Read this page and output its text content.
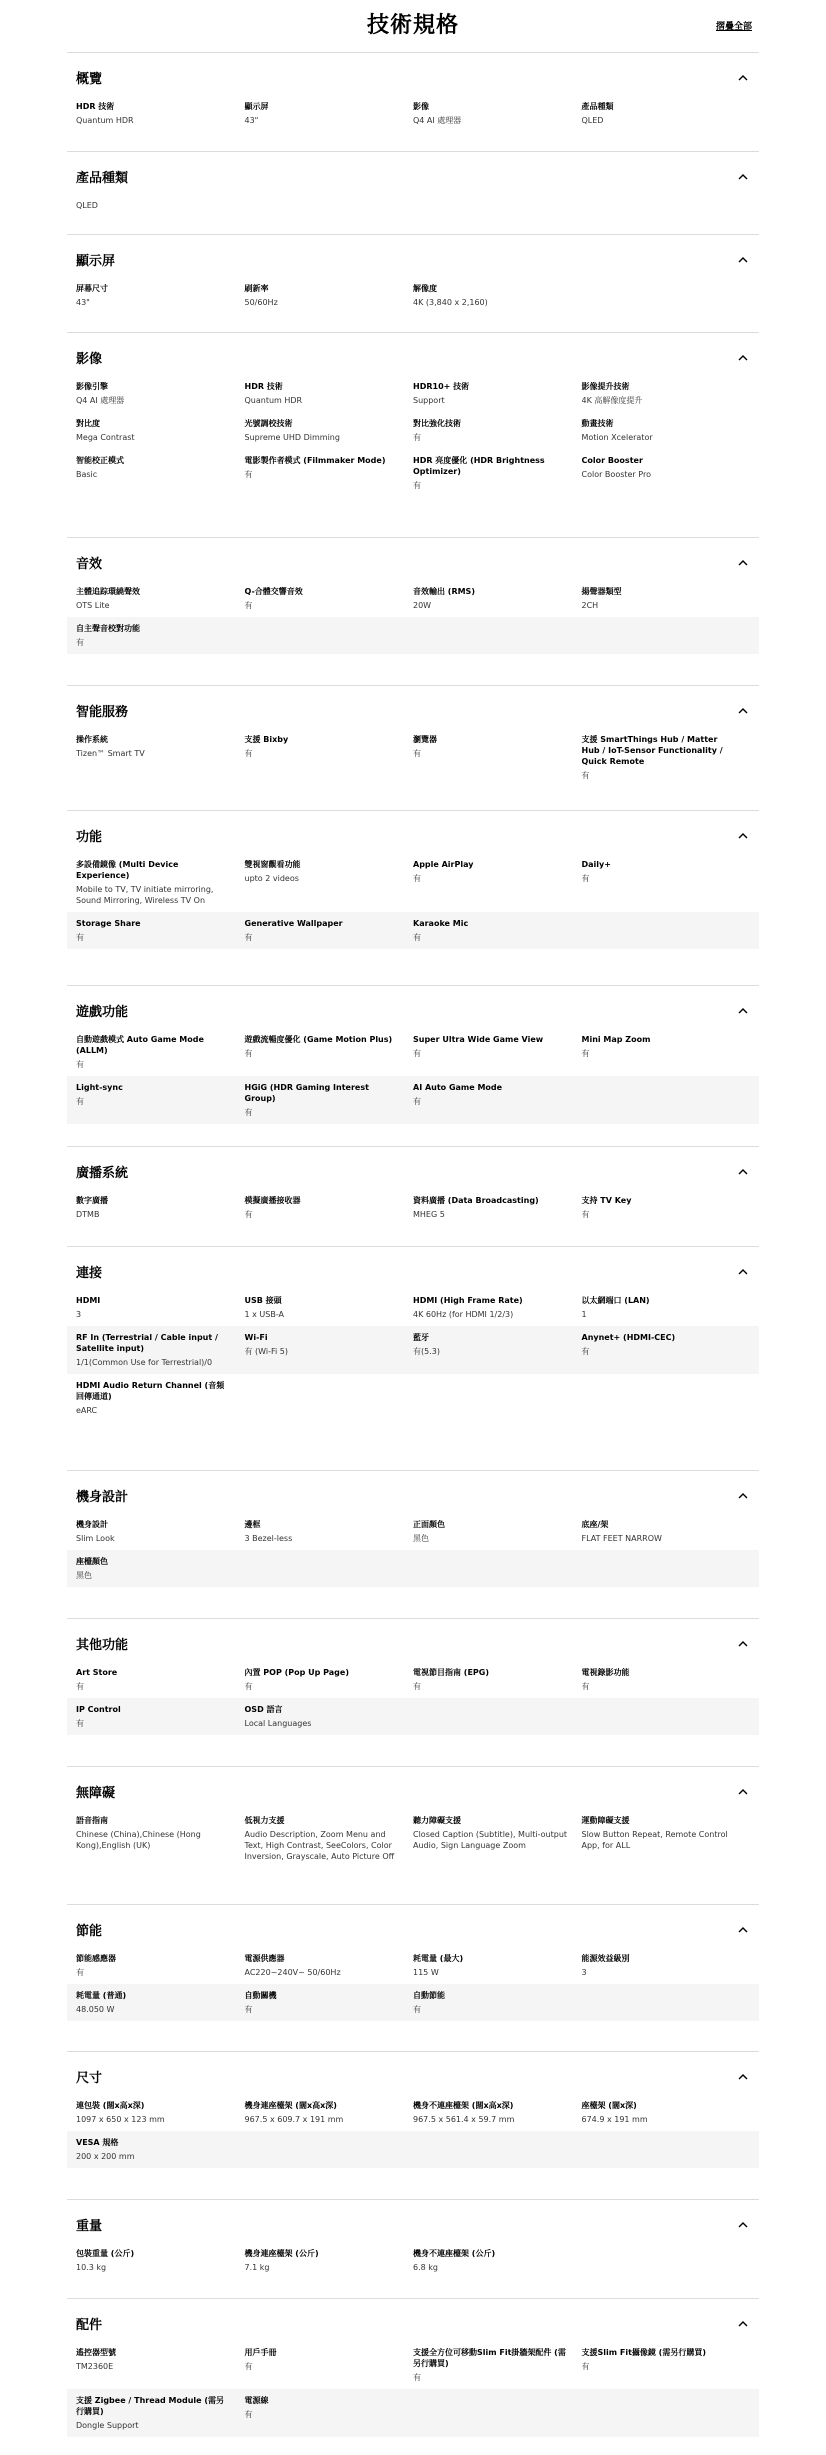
技術規格	摺疊全部
概覽
HDR 技術
Quantum HDR
顯示屏
43"
影像
Q4 AI 處理器
產品種類
QLED
產品種類
QLED
顯示屏
屏幕尺寸
43"
刷新率
50/60Hz
解像度
4K (3,840 x 2,160)
影像
影像引擎
Q4 AI 處理器
HDR 技術
Quantum HDR
HDR10+ 技術
Support
影像提升技術
4K 高解像度提升
對比度
Mega Contrast
光號調校技術
Supreme UHD Dimming
對比強化技術
有
動畫技術
Motion Xcelerator
智能校正模式
Basic
電影製作者模式 (Filmmaker Mode)
有
HDR 亮度優化 (HDR Brightness Optimizer)
有
Color Booster
Color Booster Pro
音效
主體追踪環繞聲效
OTS Lite
Q-合體交響音效
有
音效輸出 (RMS)
20W
揚聲器類型
2CH
自主聲音校對功能
有
智能服務
操作系統
Tizen™ Smart TV
支援 Bixby
有
瀏覽器
有
支援 SmartThings Hub / Matter Hub / IoT-Sensor Functionality / Quick Remote
有
功能
多設備鏡像 (Multi Device Experience)
Mobile to TV, TV initiate mirroring, Sound Mirroring, Wireless TV On
雙視窗觀看功能
upto 2 videos
Apple AirPlay
有
Daily+
有
Storage Share
有
Generative Wallpaper
有
Karaoke Mic
有
遊戲功能
自動遊戲模式 Auto Game Mode (ALLM)
有
遊戲流暢度優化 (Game Motion Plus)
有
Super Ultra Wide Game View
有
Mini Map Zoom
有
Light-sync
有
HGiG (HDR Gaming Interest Group)
有
AI Auto Game Mode
有
廣播系統
數字廣播
DTMB
模擬廣播接收器
有
資料廣播 (Data Broadcasting)
MHEG 5
支持 TV Key
有
連接
HDMI
3
USB 接頭
1 x USB-A
HDMI (High Frame Rate)
4K 60Hz (for HDMI 1/2/3)
以太網端口 (LAN)
1
RF In (Terrestrial / Cable input / Satellite input)
1/1(Common Use for Terrestrial)/0
Wi-Fi
有 (Wi-Fi 5)
藍牙
有(5.3)
Anynet+ (HDMI-CEC)
有
HDMI Audio Return Channel (音頻回傳通道)
eARC
機身設計
機身設計
Slim Look
邊框
3 Bezel-less
正面顏色
黑色
底座/架
FLAT FEET NARROW
座檯顏色
黑色
其他功能
Art Store
有
內置 POP (Pop Up Page)
有
電視節目指南 (EPG)
有
電視錄影功能
有
IP Control
有
OSD 語言
Local Languages
無障礙
語音指南
Chinese (China),Chinese (Hong Kong),English (UK)
低視力支援
Audio Description, Zoom Menu and Text, High Contrast, SeeColors, Color Inversion, Grayscale, Auto Picture Off
聽力障礙支援
Closed Caption (Subtitle), Multi-output Audio, Sign Language Zoom
運動障礙支援
Slow Button Repeat, Remote Control App, for ALL
節能
節能感應器
有
電源供應器
AC220~240V~ 50/60Hz
耗電量 (最大)
115 W
能源效益級別
3
耗電量 (普通)
48.050 W
自動關機
有
自動節能
有
尺寸
連包裝 (闊x高x深)
1097 x 650 x 123 mm
機身連座檯架 (闊x高x深)
967.5 x 609.7 x 191 mm
機身不連座檯架 (闊x高x深)
967.5 x 561.4 x 59.7 mm
座檯架 (闊x深)
674.9 x 191 mm
VESA 規格
200 x 200 mm
重量
包裝重量 (公斤)
10.3 kg
機身連座檯架 (公斤)
7.1 kg
機身不連座檯架 (公斤)
6.8 kg
配件
遙控器型號
TM2360E
用戶手冊
有
支援全方位可移動Slim Fit掛牆架配件 (需另行購買)
有
支援Slim Fit攝像鏡 (需另行購買)
有
支援 Zigbee / Thread Module (需另行購買)
Dongle Support
電源線
有
